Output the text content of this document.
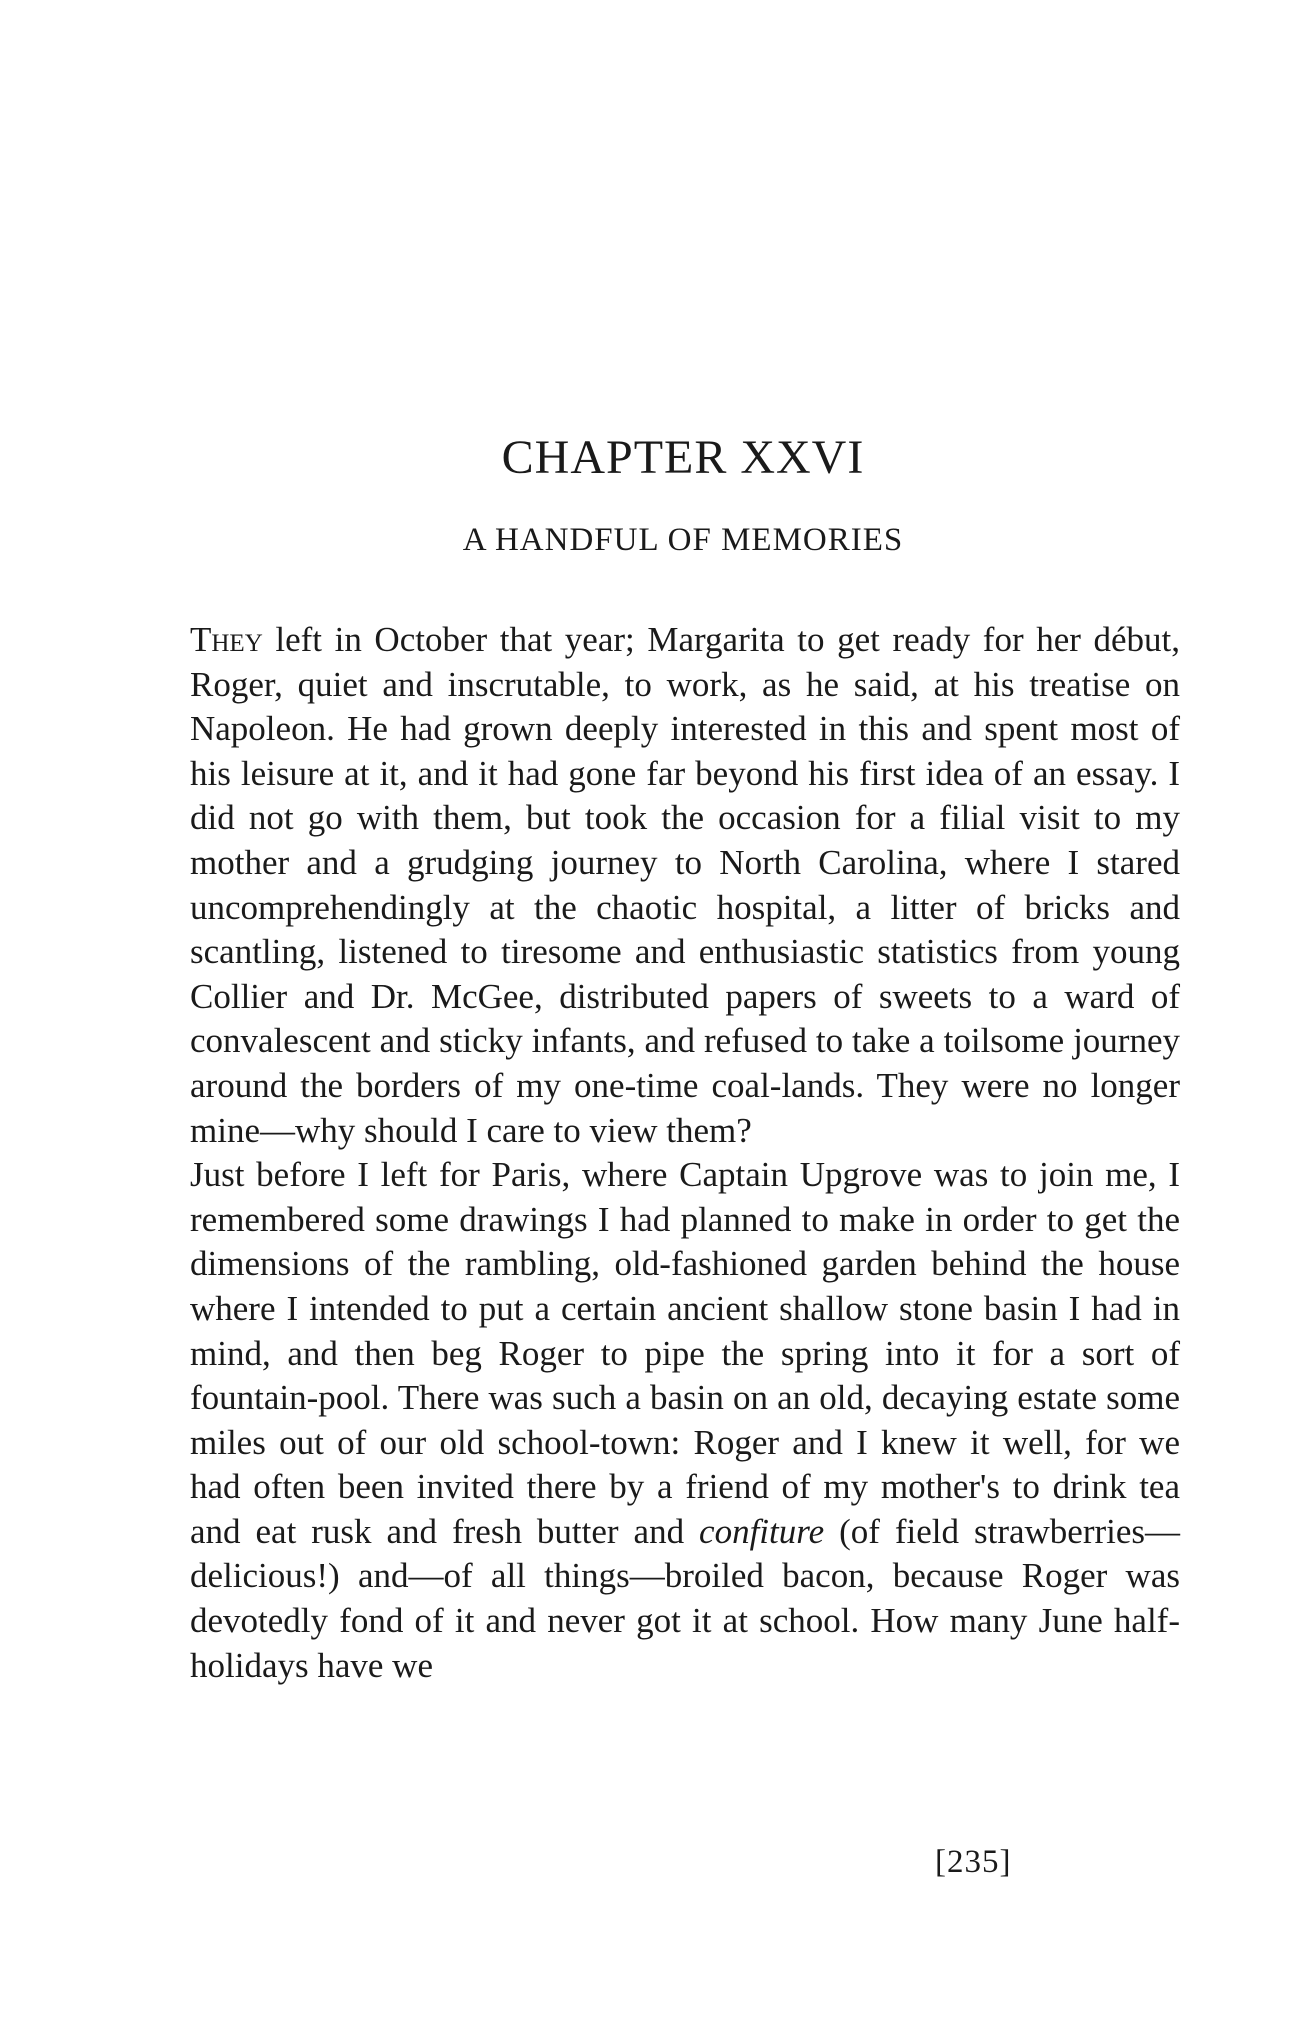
CHAPTER XXVI
A HANDFUL OF MEMORIES

They left in October that year; Margarita to get ready for her début, Roger, quiet and inscrutable, to work, as he said, at his treatise on Napoleon. He had grown deeply interested in this and spent most of his leisure at it, and it had gone far beyond his first idea of an essay. I did not go with them, but took the occasion for a filial visit to my mother and a grudging journey to North Carolina, where I stared uncomprehendingly at the chaotic hospital, a litter of bricks and scantling, listened to tiresome and enthusiastic statistics from young Collier and Dr. McGee, distributed papers of sweets to a ward of convalescent and sticky infants, and refused to take a toilsome journey around the borders of my one-time coal-lands. They were no longer mine—why should I care to view them?

Just before I left for Paris, where Captain Upgrove was to join me, I remembered some drawings I had planned to make in order to get the dimensions of the rambling, old-fashioned garden behind the house where I intended to put a certain ancient shallow stone basin I had in mind, and then beg Roger to pipe the spring into it for a sort of fountain-pool. There was such a basin on an old, decaying estate some miles out of our old school-town: Roger and I knew it well, for we had often been invited there by a friend of my mother's to drink tea and eat rusk and fresh butter and confiture (of field strawberries—delicious!) and—of all things—broiled bacon, because Roger was devotedly fond of it and never got it at school. How many June half-holidays have we

[235]
